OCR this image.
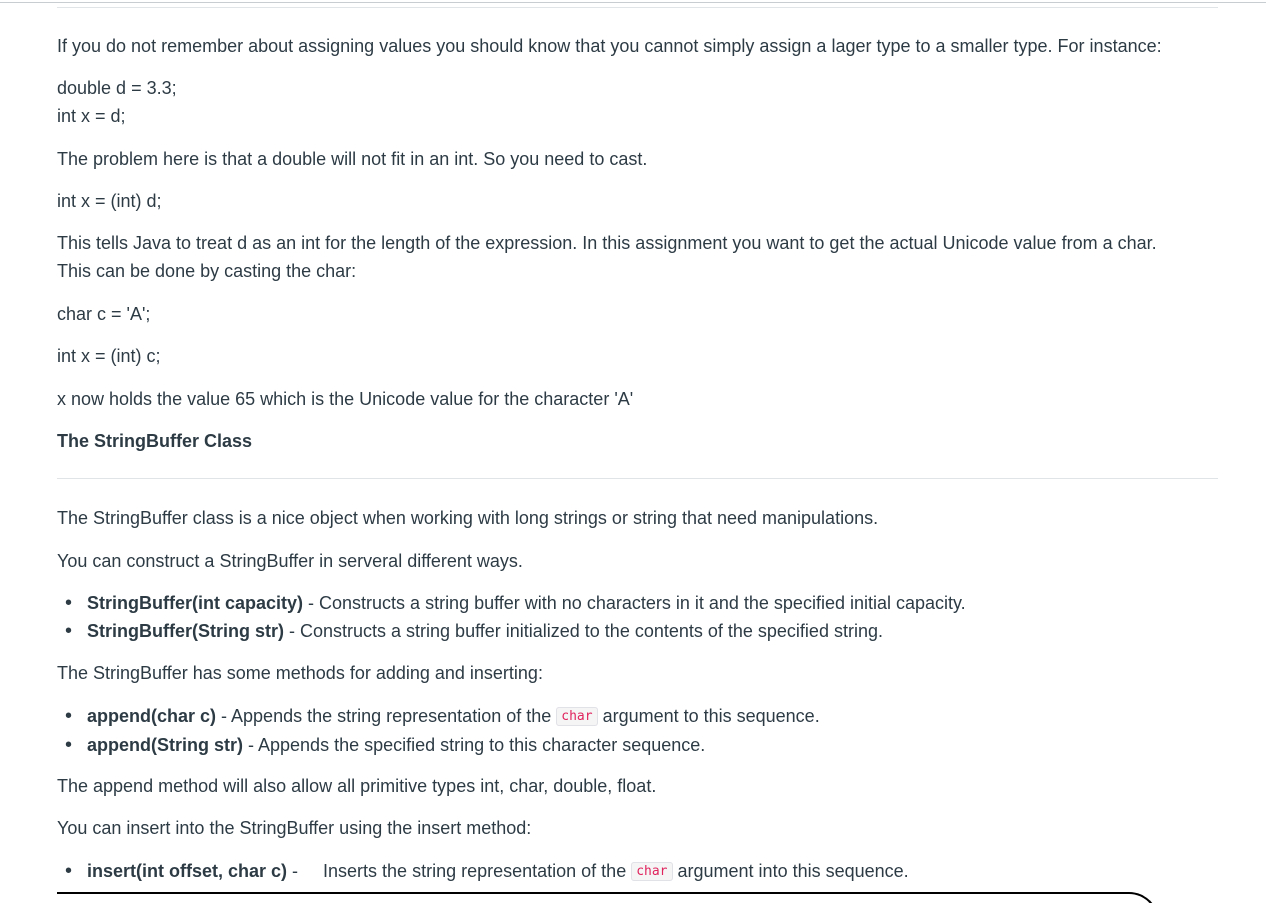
If you do not remember about assigning values you should know that you cannot simply assign a lager type to a smaller type. For instance:
double d = 3.3;
int x = d;
The problem here is that a double will not fit in an int. So you need to cast.
int x = (int) d;
This tells Java to treat d as an int for the length of the expression. In this assignment you want to get the actual Unicode value from a char.
This can be done by casting the char:
char c = 'A';
int x = (int) c;
x now holds the value 65 which is the Unicode value for the character 'A'
The StringBuffer Class
The StringBuffer class is a nice object when working with long strings or string that need manipulations.
You can construct a StringBuffer in serveral different ways.
• StringBuffer(int capacity) - Constructs a string buffer with no characters in it and the specified initial capacity.
• StringBuffer(String str) - Constructs a string buffer initialized to the contents of the specified string.
The StringBuffer has some methods for adding and inserting:
• append(char c) - Appends the string representation of the char argument to this sequence.
• append(String str) - Appends the specified string to this character sequence.
The append method will also allow all primitive types int, char, double, float.
You can insert into the StringBuffer using the insert method:
• insert(int offset, char c) -     Inserts the string representation of the char argument into this sequence.
